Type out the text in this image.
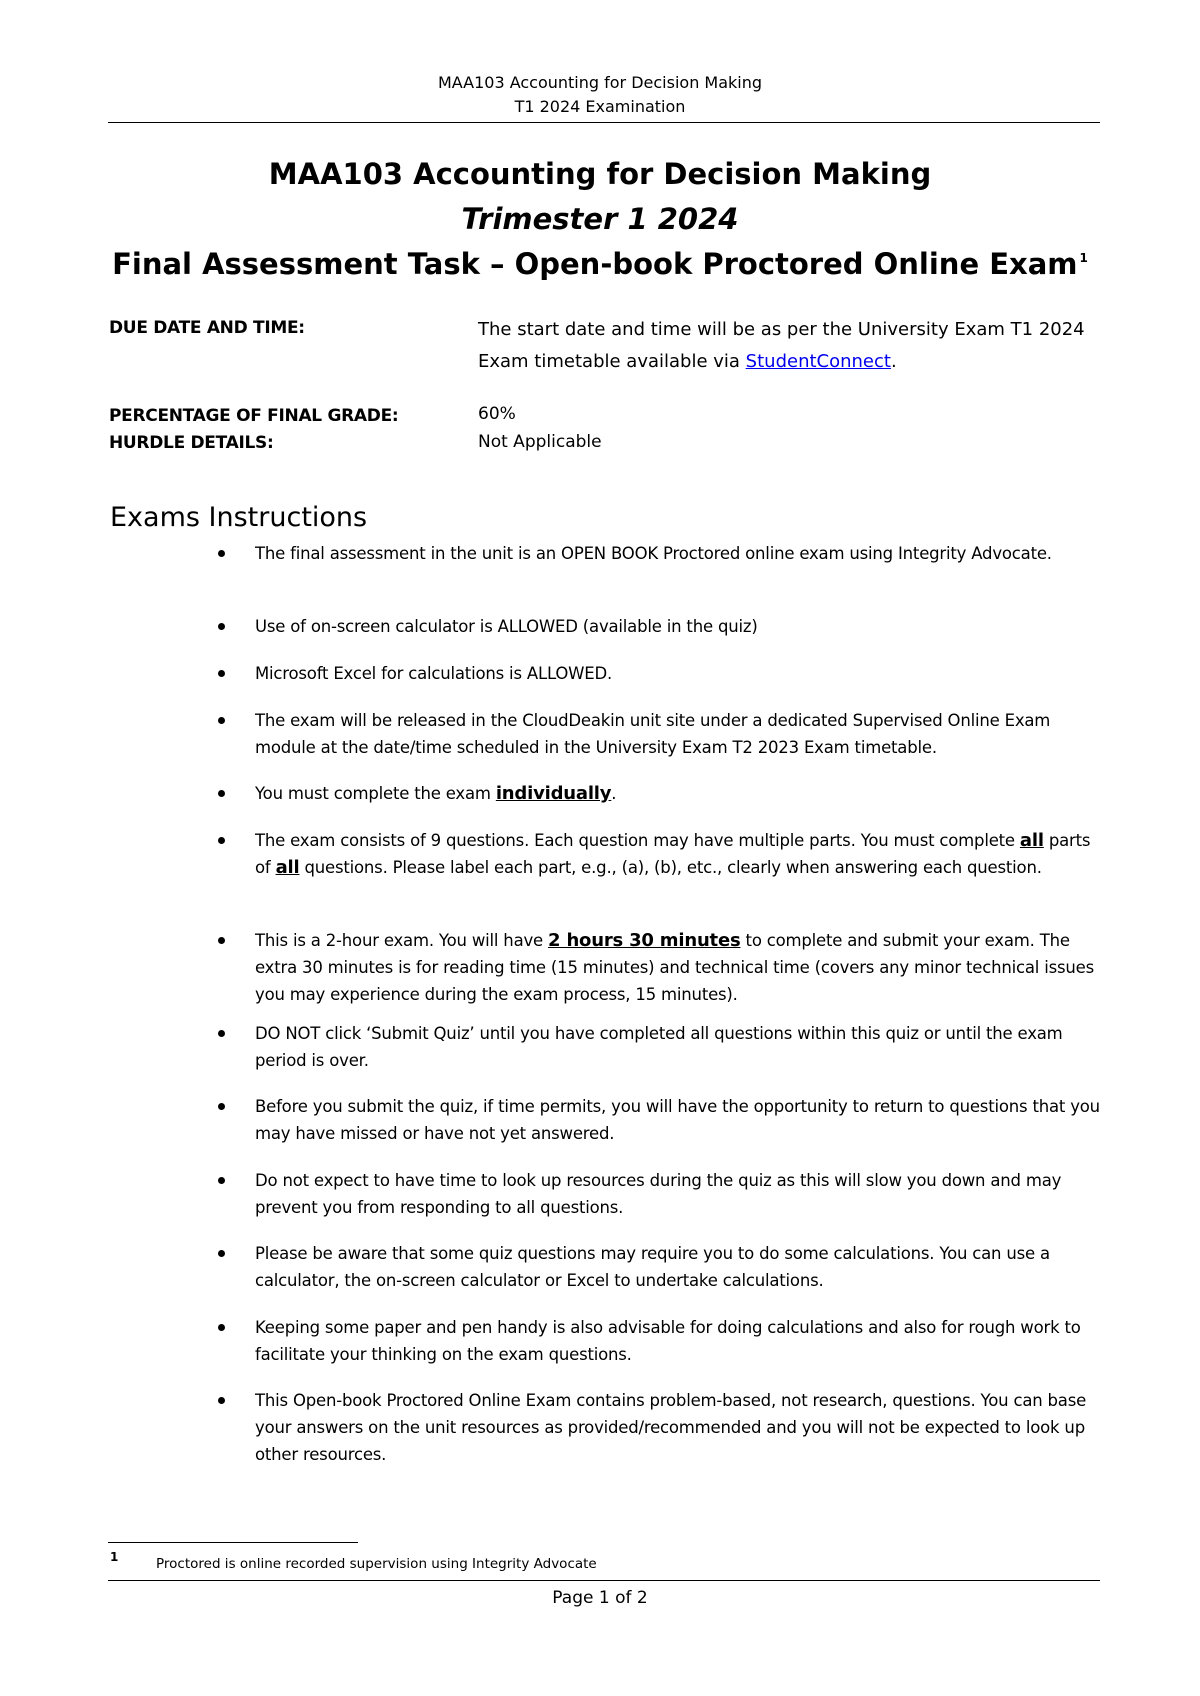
MAA103 Accounting for Decision Making
T1 2024 Examination
MAA103 Accounting for Decision Making
Trimester 1 2024
Final Assessment Task – Open-book Proctored Online Exam $^1$
DUE DATE AND TIME:	The start date and time will be as per the University Exam T1 2024 Exam timetable available via StudentConnect.
PERCENTAGE OF FINAL GRADE:	60%
HURDLE DETAILS:	Not Applicable
Exams Instructions
The final assessment in the unit is an OPEN BOOK Proctored online exam using Integrity Advocate.
Use of on-screen calculator is ALLOWED (available in the quiz)
Microsoft Excel for calculations is ALLOWED.
The exam will be released in the CloudDeakin unit site under a dedicated Supervised Online Exam module at the date/time scheduled in the University Exam T2 2023 Exam timetable.
You must complete the exam individually.
The exam consists of 9 questions. Each question may have multiple parts. You must complete all parts of all questions. Please label each part, e.g., (a), (b), etc., clearly when answering each question.
This is a 2-hour exam. You will have 2 hours 30 minutes to complete and submit your exam. The extra 30 minutes is for reading time (15 minutes) and technical time (covers any minor technical issues you may experience during the exam process, 15 minutes).
DO NOT click ‘Submit Quiz’ until you have completed all questions within this quiz or until the exam period is over.
Before you submit the quiz, if time permits, you will have the opportunity to return to questions that you may have missed or have not yet answered.
Do not expect to have time to look up resources during the quiz as this will slow you down and may prevent you from responding to all questions.
Please be aware that some quiz questions may require you to do some calculations. You can use a calculator, the on-screen calculator or Excel to undertake calculations.
Keeping some paper and pen handy is also advisable for doing calculations and also for rough work to facilitate your thinking on the exam questions.
This Open-book Proctored Online Exam contains problem-based, not research, questions. You can base your answers on the unit resources as provided/recommended and you will not be expected to look up other resources.
1	Proctored is online recorded supervision using Integrity Advocate
Page 1 of 2
